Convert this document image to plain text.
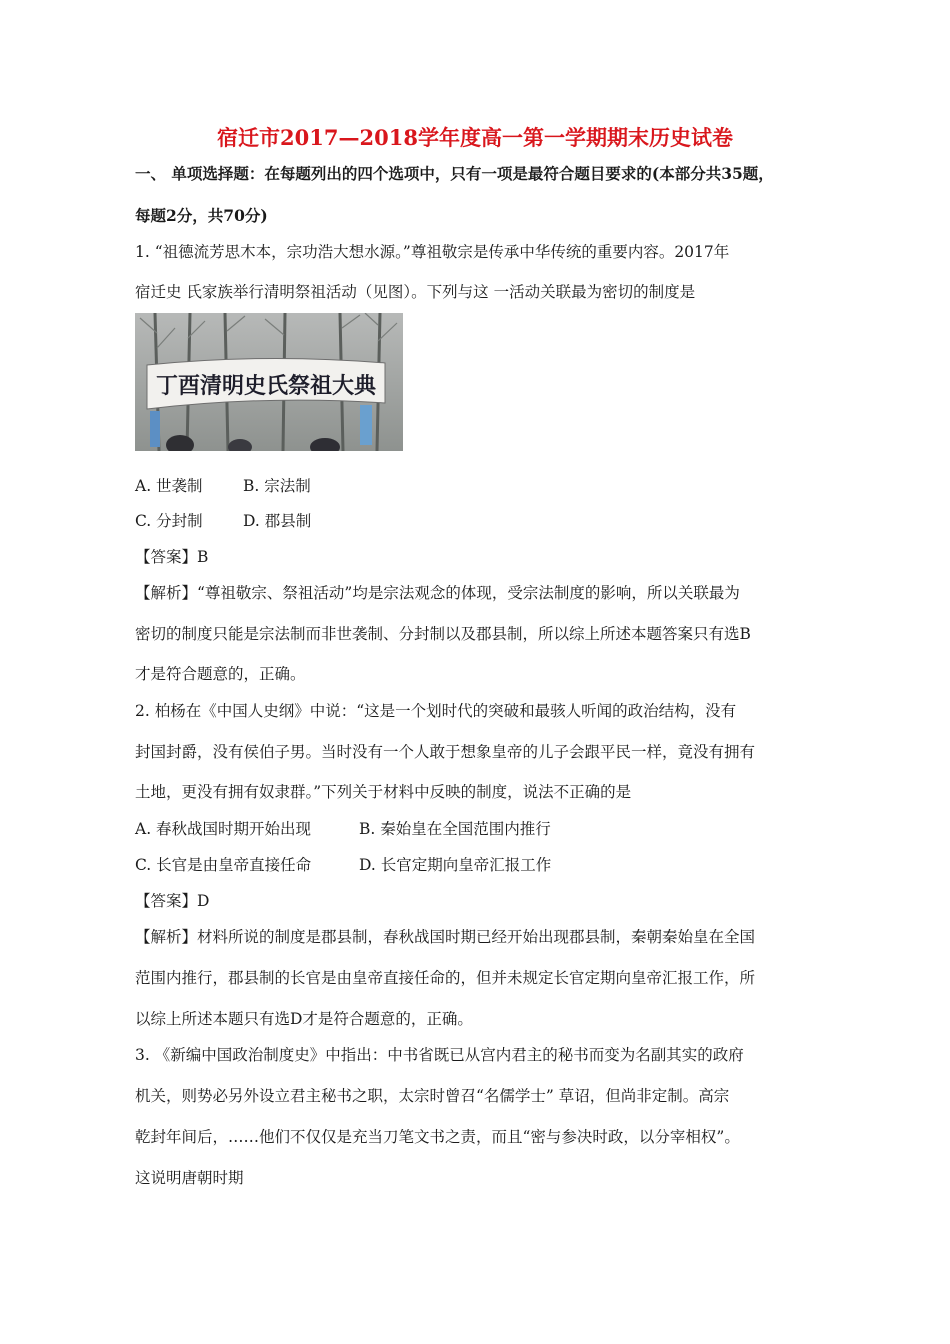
宿迁市2017—2018学年度高一第一学期期末历史试卷
一、 单项选择题：在每题列出的四个选项中，只有一项是最符合题目要求的(本部分共35题，
每题2分，共70分)
1. “祖德流芳思木本，宗功浩大想水源。”尊祖敬宗是传承中华传统的重要内容。2017年
宿迁史 氏家族举行清明祭祖活动（见图）。下列与这 一活动关联最为密切的制度是
丁酉清明史氏祭祖大典
A. 世袭制	B. 宗法制
C. 分封制	D. 郡县制
【答案】B
【解析】“尊祖敬宗、祭祖活动”均是宗法观念的体现，受宗法制度的影响，所以关联最为
密切的制度只能是宗法制而非世袭制、分封制以及郡县制，所以综上所述本题答案只有选B
才是符合题意的，正确。
2. 柏杨在《中国人史纲》中说：“这是一个划时代的突破和最骇人听闻的政治结构，没有
封国封爵，没有侯伯子男。当时没有一个人敢于想象皇帝的儿子会跟平民一样，竟没有拥有
土地，更没有拥有奴隶群。”下列关于材料中反映的制度，说法不正确的是
A. 春秋战国时期开始出现	B. 秦始皇在全国范围内推行
C. 长官是由皇帝直接任命	D. 长官定期向皇帝汇报工作
【答案】D
【解析】材料所说的制度是郡县制，春秋战国时期已经开始出现郡县制，秦朝秦始皇在全国
范围内推行，郡县制的长官是由皇帝直接任命的，但并未规定长官定期向皇帝汇报工作，所
以综上所述本题只有选D才是符合题意的，正确。
3. 《新编中国政治制度史》中指出：中书省既已从宫内君主的秘书而变为名副其实的政府
机关，则势必另外设立君主秘书之职，太宗时曾召“名儒学士” 草诏，但尚非定制。高宗
乾封年间后，……他们不仅仅是充当刀笔文书之责，而且“密与参决时政，以分宰相权”。
这说明唐朝时期
